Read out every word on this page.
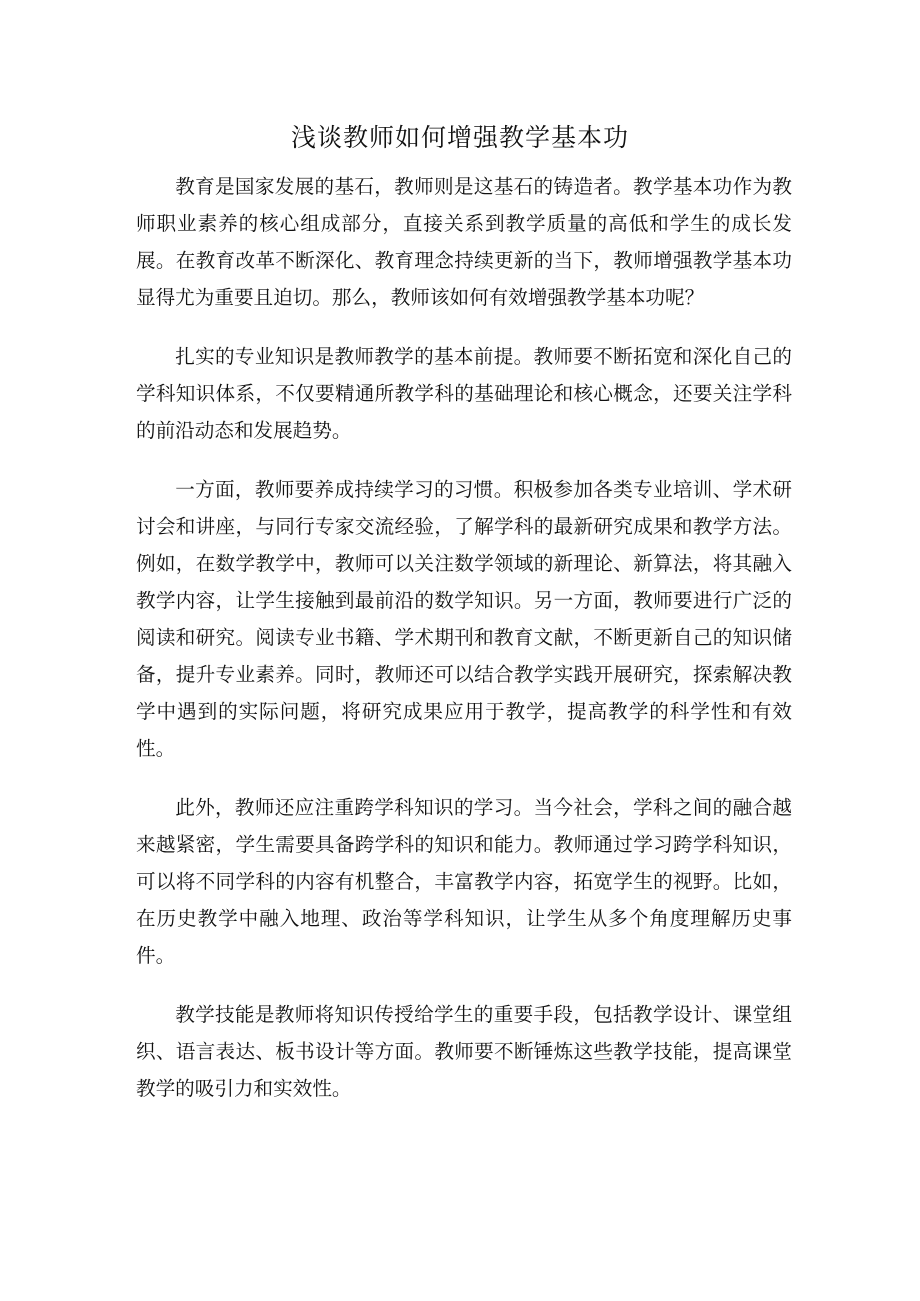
浅谈教师如何增强教学基本功

教育是国家发展的基石，教师则是这基石的铸造者。教学基本功作为教师职业素养的核心组成部分，直接关系到教学质量的高低和学生的成长发展。在教育改革不断深化、教育理念持续更新的当下，教师增强教学基本功显得尤为重要且迫切。那么，教师该如何有效增强教学基本功呢？

扎实的专业知识是教师教学的基本前提。教师要不断拓宽和深化自己的学科知识体系，不仅要精通所教学科的基础理论和核心概念，还要关注学科的前沿动态和发展趋势。

一方面，教师要养成持续学习的习惯。积极参加各类专业培训、学术研讨会和讲座，与同行专家交流经验，了解学科的最新研究成果和教学方法。例如，在数学教学中，教师可以关注数学领域的新理论、新算法，将其融入教学内容，让学生接触到最前沿的数学知识。另一方面，教师要进行广泛的阅读和研究。阅读专业书籍、学术期刊和教育文献，不断更新自己的知识储备，提升专业素养。同时，教师还可以结合教学实践开展研究，探索解决教学中遇到的实际问题，将研究成果应用于教学，提高教学的科学性和有效性。

此外，教师还应注重跨学科知识的学习。当今社会，学科之间的融合越来越紧密，学生需要具备跨学科的知识和能力。教师通过学习跨学科知识，可以将不同学科的内容有机整合，丰富教学内容，拓宽学生的视野。比如，在历史教学中融入地理、政治等学科知识，让学生从多个角度理解历史事件。

教学技能是教师将知识传授给学生的重要手段，包括教学设计、课堂组织、语言表达、板书设计等方面。教师要不断锤炼这些教学技能，提高课堂教学的吸引力和实效性。
